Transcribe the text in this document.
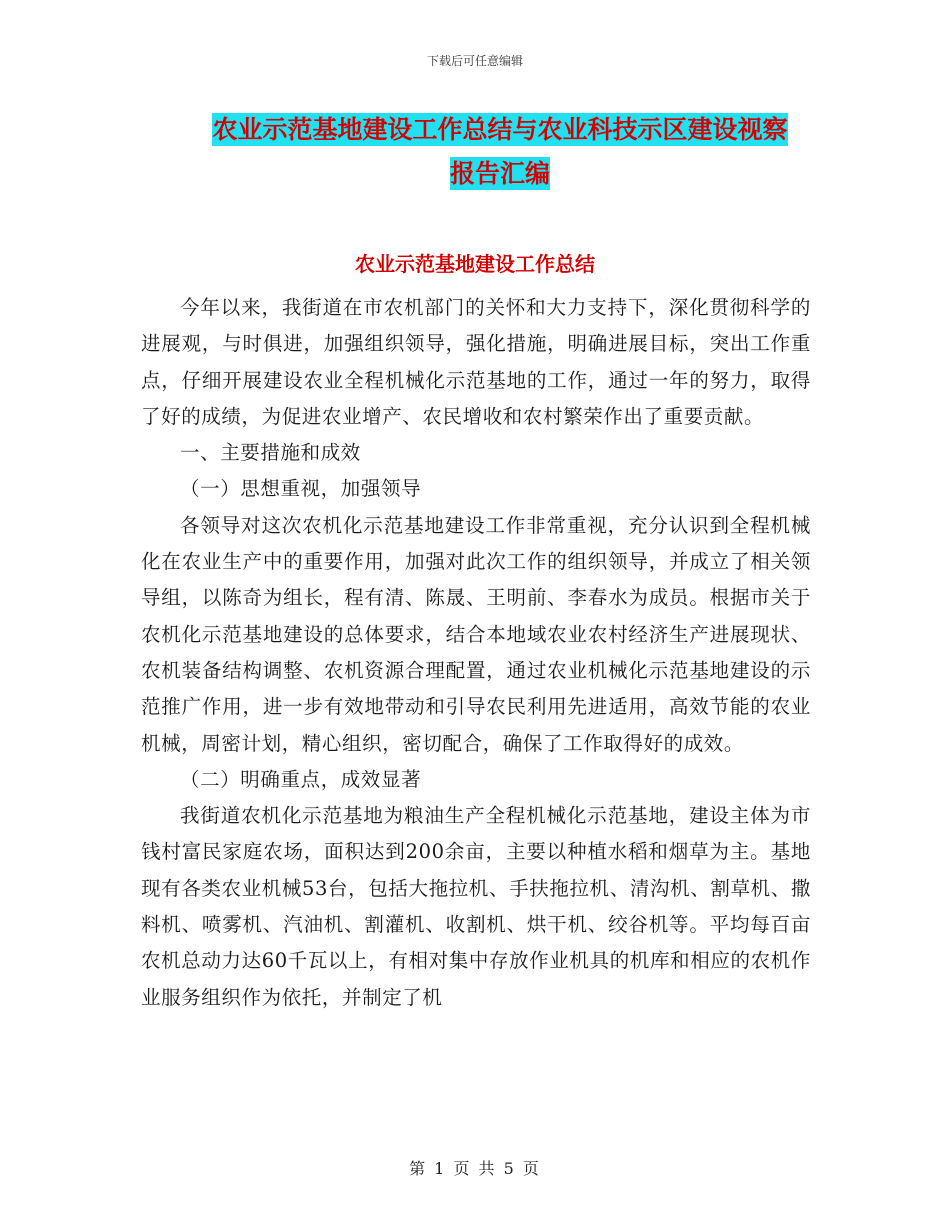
下载后可任意编辑
农业示范基地建设工作总结与农业科技示区建设视察
报告汇编
农业示范基地建设工作总结

今年以来，我街道在市农机部门的关怀和大力支持下，深化贯彻科学的进展观，与时俱进，加强组织领导，强化措施，明确进展目标，突出工作重点，仔细开展建设农业全程机械化示范基地的工作，通过一年的努力，取得了好的成绩，为促进农业增产、农民增收和农村繁荣作出了重要贡献。

一、主要措施和成效

（一）思想重视，加强领导

各领导对这次农机化示范基地建设工作非常重视，充分认识到全程机械化在农业生产中的重要作用，加强对此次工作的组织领导，并成立了相关领导组，以陈奇为组长，程有清、陈晟、王明前、李春水为成员。根据市关于农机化示范基地建设的总体要求，结合本地域农业农村经济生产进展现状、农机装备结构调整、农机资源合理配置，通过农业机械化示范基地建设的示范推广作用，进一步有效地带动和引导农民利用先进适用，高效节能的农业机械，周密计划，精心组织，密切配合，确保了工作取得好的成效。

（二）明确重点，成效显著

我街道农机化示范基地为粮油生产全程机械化示范基地，建设主体为市钱村富民家庭农场，面积达到200余亩，主要以种植水稻和烟草为主。基地现有各类农业机械53台，包括大拖拉机、手扶拖拉机、清沟机、割草机、撒料机、喷雾机、汽油机、割灌机、收割机、烘干机、绞谷机等。平均每百亩农机总动力达60千瓦以上，有相对集中存放作业机具的机库和相应的农机作业服务组织作为依托，并制定了机

第 1 页 共 5 页
